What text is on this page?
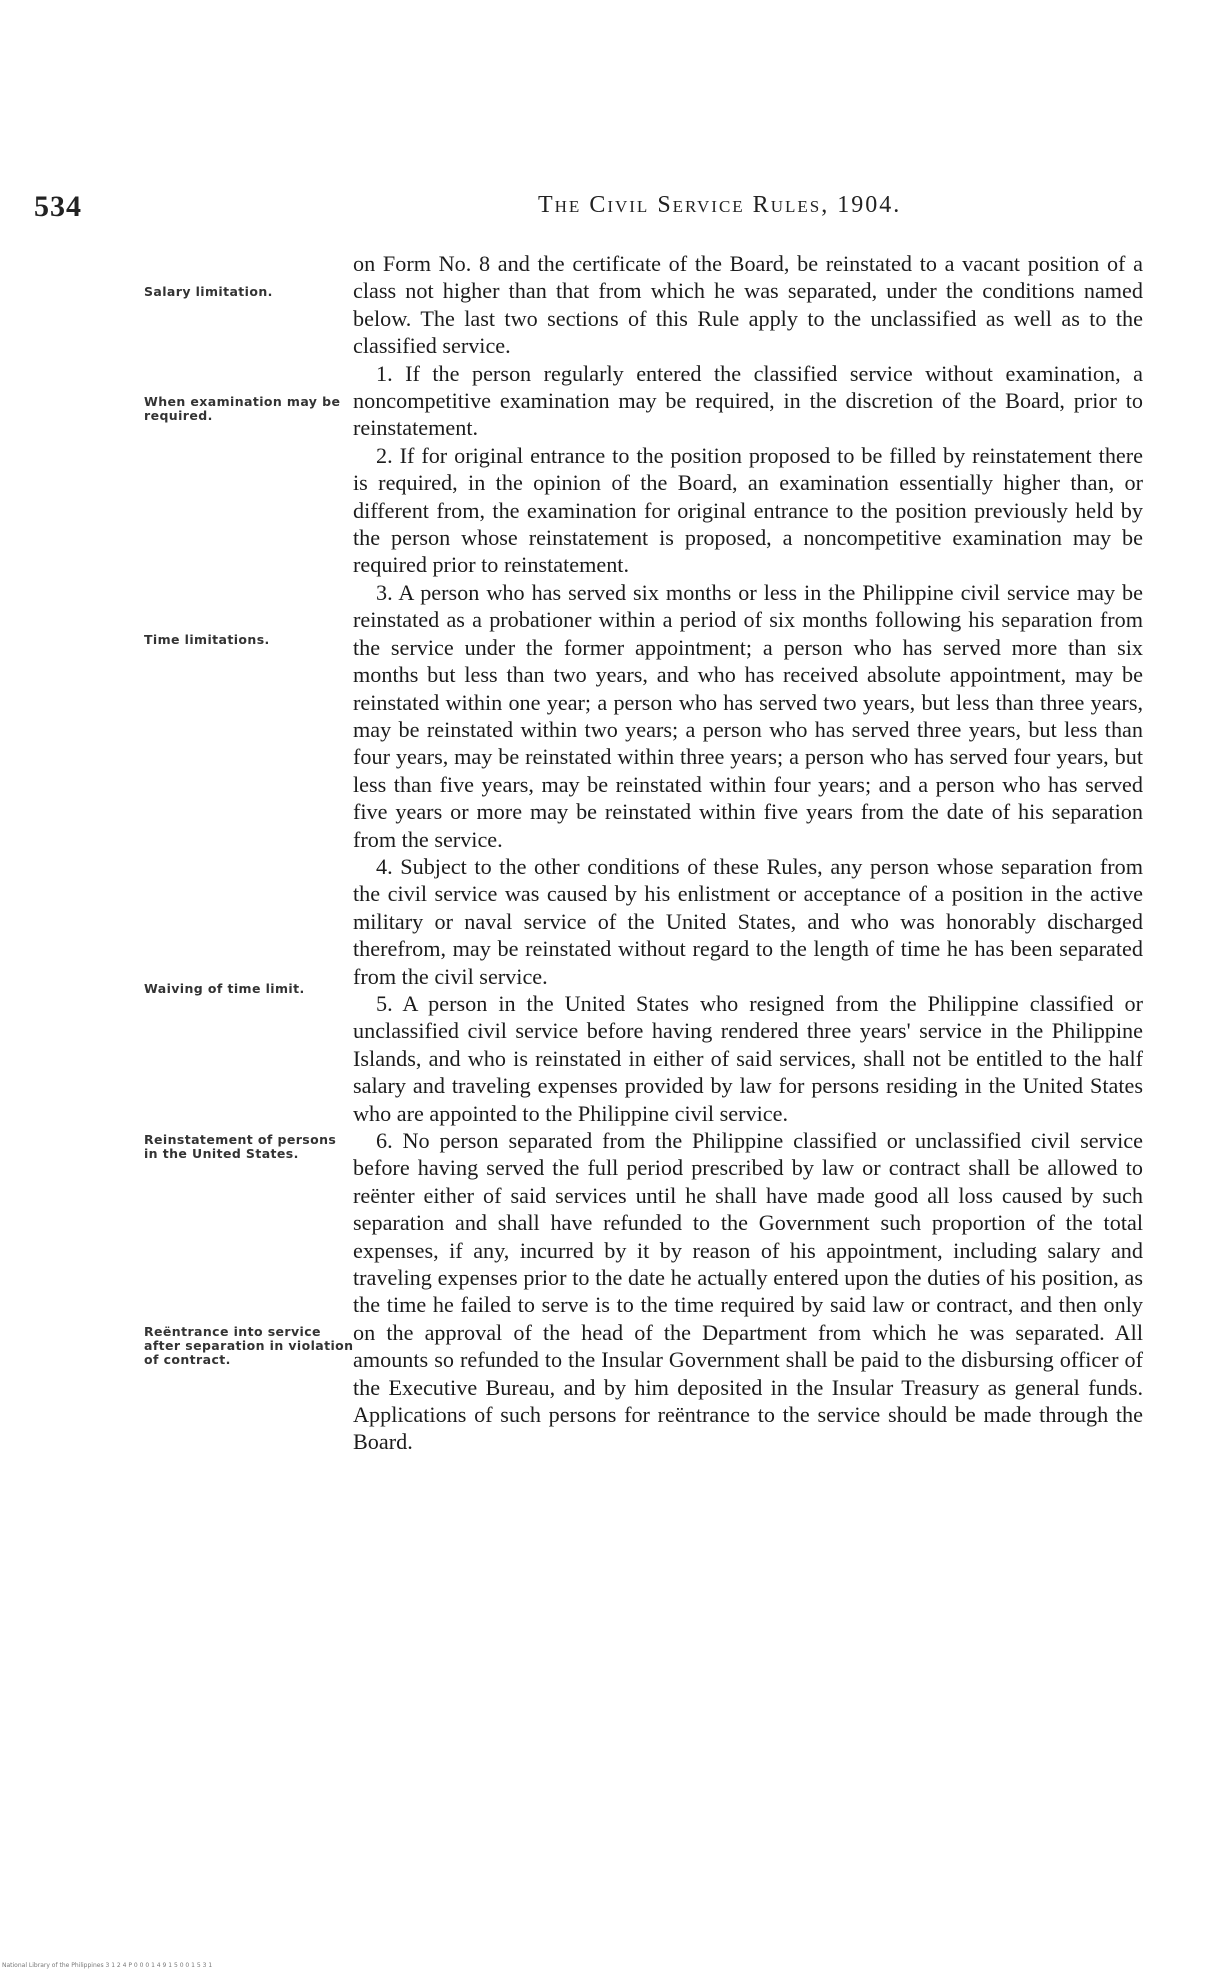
534	The Civil Service Rules, 1904.
Salary limitation.
When examination may be required.
Time limitations.
Waiving of time limit.
Reinstatement of persons in the United States.
Reëntrance into service after separation in violation of contract.

on Form No. 8 and the certificate of the Board, be reinstated to a vacant position of a class not higher than that from which he was separated, under the conditions named below. The last two sections of this Rule apply to the unclassified as well as to the classified service.

1. If the person regularly entered the classified service without examination, a noncompetitive examination may be required, in the discretion of the Board, prior to reinstatement.

2. If for original entrance to the position proposed to be filled by reinstatement there is required, in the opinion of the Board, an examination essentially higher than, or different from, the examination for original entrance to the position previously held by the person whose reinstatement is proposed, a noncompetitive examination may be required prior to reinstatement.

3. A person who has served six months or less in the Philippine civil service may be reinstated as a probationer within a period of six months following his separation from the service under the former appointment; a person who has served more than six months but less than two years, and who has received absolute appointment, may be reinstated within one year; a person who has served two years, but less than three years, may be reinstated within two years; a person who has served three years, but less than four years, may be reinstated within three years; a person who has served four years, but less than five years, may be reinstated within four years; and a person who has served five years or more may be reinstated within five years from the date of his separation from the service.

4. Subject to the other conditions of these Rules, any person whose separation from the civil service was caused by his enlistment or acceptance of a position in the active military or naval service of the United States, and who was honorably discharged therefrom, may be reinstated without regard to the length of time he has been separated from the civil service.

5. A person in the United States who resigned from the Philippine classified or unclassified civil service before having rendered three years' service in the Philippine Islands, and who is reinstated in either of said services, shall not be entitled to the half salary and traveling expenses provided by law for persons residing in the United States who are appointed to the Philippine civil service.

6. No person separated from the Philippine classified or unclassified civil service before having served the full period prescribed by law or contract shall be allowed to reënter either of said services until he shall have made good all loss caused by such separation and shall have refunded to the Government such proportion of the total expenses, if any, incurred by it by reason of his appointment, including salary and traveling expenses prior to the date he actually entered upon the duties of his position, as the time he failed to serve is to the time required by said law or contract, and then only on the approval of the head of the Department from which he was separated. All amounts so refunded to the Insular Government shall be paid to the disbursing officer of the Executive Bureau, and by him deposited in the Insular Treasury as general funds. Applications of such persons for reëntrance to the service should be made through the Board.

National Library of the Philippines 3 1 2 4 P 0 0 0 1 4 9 1 5 0 0 1 5 3 1
